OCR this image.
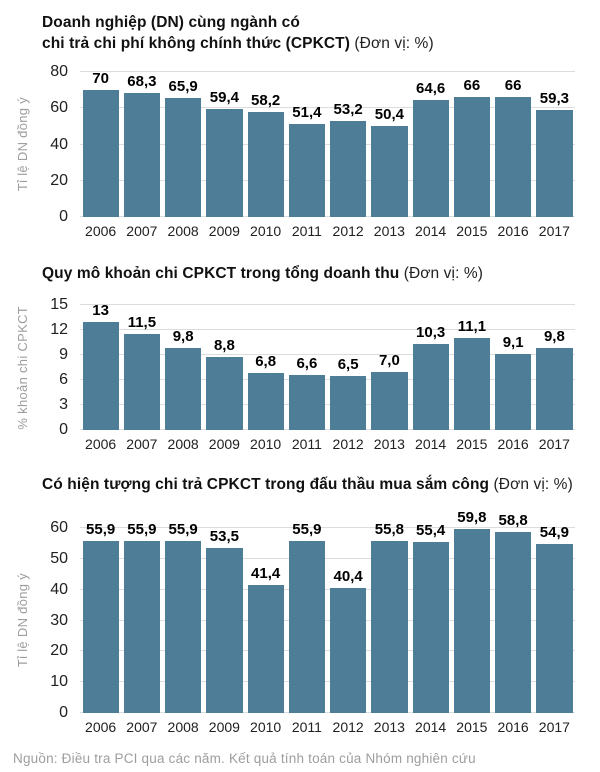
Doanh nghiệp (DN) cùng ngành có
chi trả chi phí không chính thức (CPKCT) (Đơn vị: %)
Tỉ lệ DN đồng ý
0
20
40
60
80	70	68,3 65,9
59,4 58,2
51,4 53,2 50,4
64,6	66	66
59,3
2006 2007 2008 2009 2010 2011 2012 2013 2014 2015 2016 2017
Quy mô khoản chi CPKCT trong tổng doanh thu (Đơn vị: %)
% khoản chi CPKCT
0
3
6
9
12
15	13
11,5
9,8	8,8
6,8	6,6	6,5	7,0
10,3 11,1
9,1	9,8
2006 2007 2008 2009 2010 2011 2012 2013 2014 2015 2016 2017
Có hiện tượng chi trả CPKCT trong đấu thầu mua sắm công (Đơn vị: %)
Tỉ lệ DN đồng ý
0
10
20
30
40
50
60	55,9 55,9 55,9 53,5
41,4
55,9
40,4
55,8 55,4
59,8 58,8
54,9
2006 2007 2008 2009 2010 2011 2012 2013 2014 2015 2016 2017
Nguồn: Điều tra PCI qua các năm. Kết quả tính toán của Nhóm nghiên cứu
